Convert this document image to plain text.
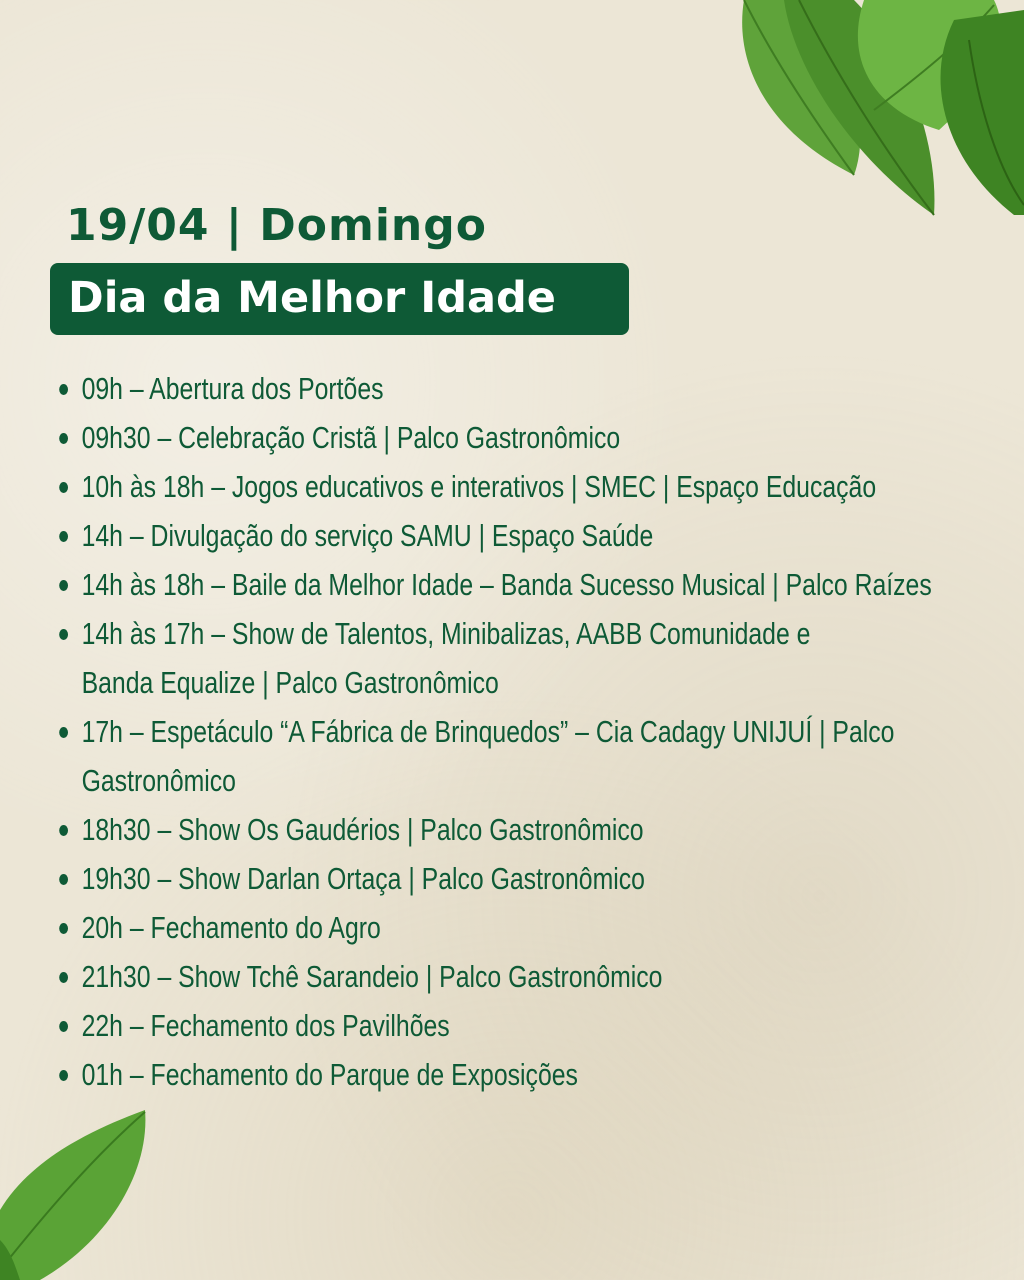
19/04 | Domingo
Dia da Melhor Idade
09h – Abertura dos Portões
09h30 – Celebração Cristã | Palco Gastronômico
10h às 18h – Jogos educativos e interativos | SMEC | Espaço Educação
14h – Divulgação do serviço SAMU | Espaço Saúde
14h às 18h – Baile da Melhor Idade – Banda Sucesso Musical | Palco Raízes
14h às 17h – Show de Talentos, Minibalizas, AABB Comunidade e
Banda Equalize | Palco Gastronômico
17h – Espetáculo “A Fábrica de Brinquedos” – Cia Cadagy UNIJUÍ | Palco
Gastronômico
18h30 – Show Os Gaudérios | Palco Gastronômico
19h30 – Show Darlan Ortaça | Palco Gastronômico
20h – Fechamento do Agro
21h30 – Show Tchê Sarandeio | Palco Gastronômico
22h – Fechamento dos Pavilhões
01h – Fechamento do Parque de Exposições
